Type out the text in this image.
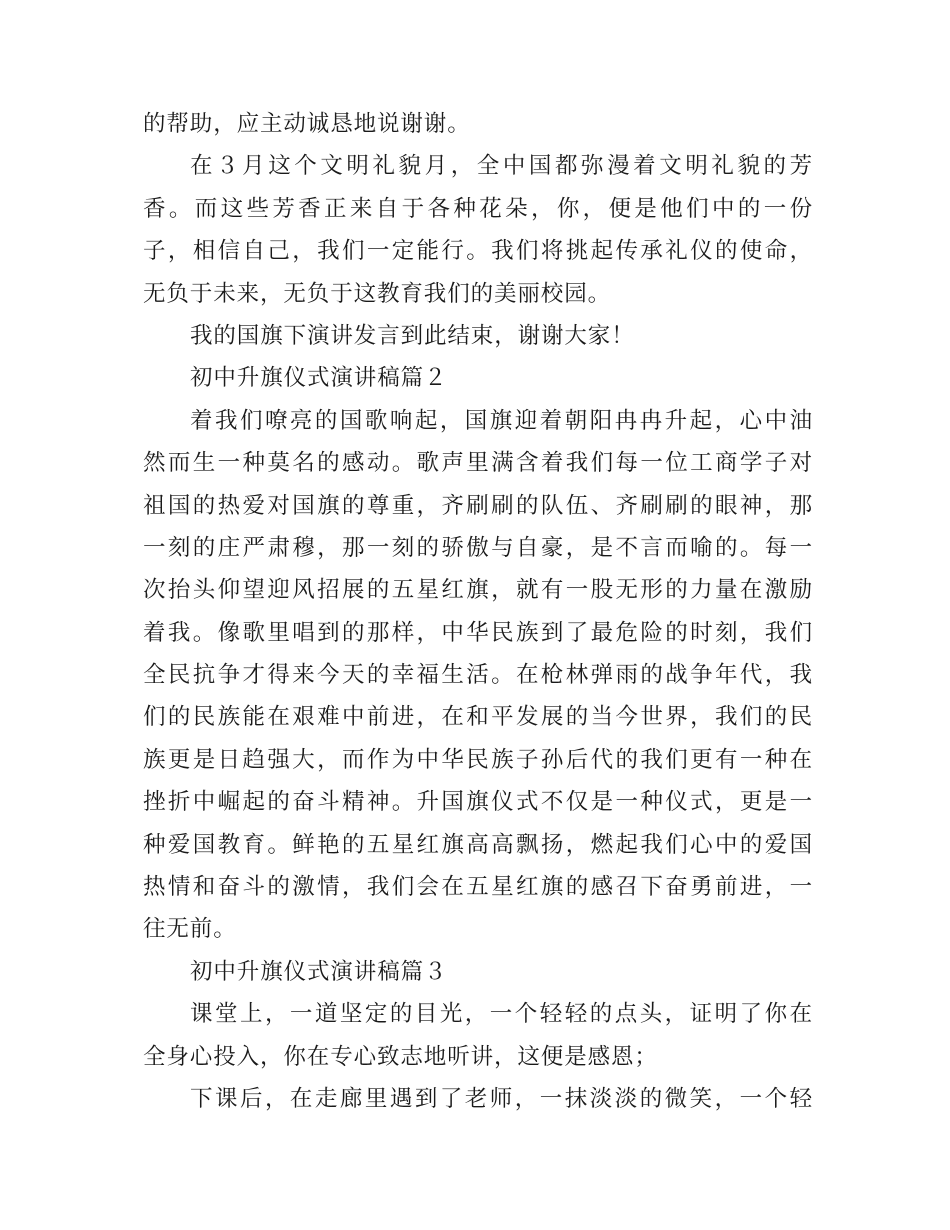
的帮助，应主动诚恳地说谢谢。
在３月这个文明礼貌月，全中国都弥漫着文明礼貌的芳
香。而这些芳香正来自于各种花朵，你，便是他们中的一份
子，相信自己，我们一定能行。我们将挑起传承礼仪的使命，
无负于未来，无负于这教育我们的美丽校园。
我的国旗下演讲发言到此结束，谢谢大家！
初中升旗仪式演讲稿篇２
着我们嘹亮的国歌响起，国旗迎着朝阳冉冉升起，心中油
然而生一种莫名的感动。歌声里满含着我们每一位工商学子对
祖国的热爱对国旗的尊重，齐刷刷的队伍、齐刷刷的眼神，那
一刻的庄严肃穆，那一刻的骄傲与自豪，是不言而喻的。每一
次抬头仰望迎风招展的五星红旗，就有一股无形的力量在激励
着我。像歌里唱到的那样，中华民族到了最危险的时刻，我们
全民抗争才得来今天的幸福生活。在枪林弹雨的战争年代，我
们的民族能在艰难中前进，在和平发展的当今世界，我们的民
族更是日趋强大，而作为中华民族子孙后代的我们更有一种在
挫折中崛起的奋斗精神。升国旗仪式不仅是一种仪式，更是一
种爱国教育。鲜艳的五星红旗高高飘扬，燃起我们心中的爱国
热情和奋斗的激情，我们会在五星红旗的感召下奋勇前进，一
往无前。
初中升旗仪式演讲稿篇３
课堂上，一道坚定的目光，一个轻轻的点头，证明了你在
全身心投入，你在专心致志地听讲，这便是感恩；
下课后，在走廊里遇到了老师，一抹淡淡的微笑，一个轻
